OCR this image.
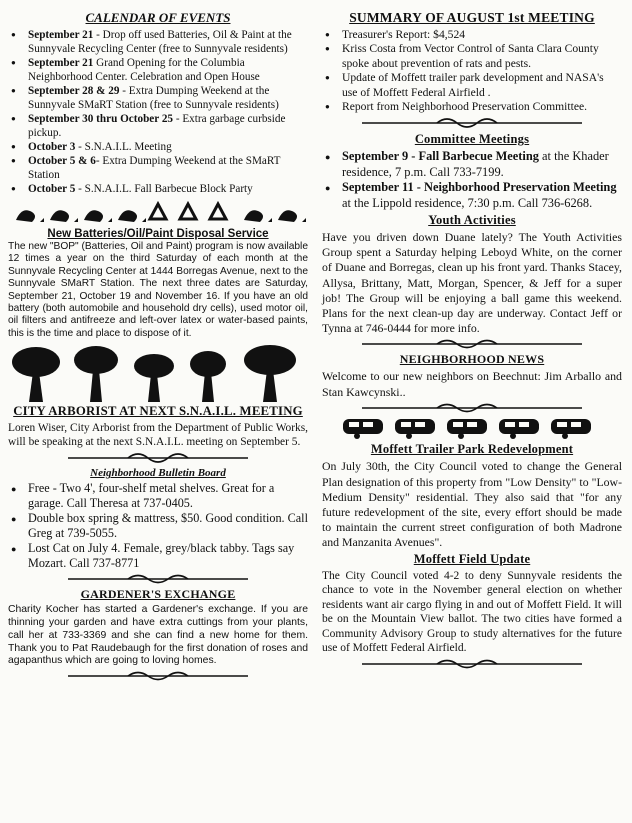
CALENDAR OF EVENTS
● September 21 - Drop off used Batteries, Oil & Paint at the Sunnyvale Recycling Center (free to Sunnyvale residents)
● September 21 Grand Opening for the Columbia Neighborhood Center. Celebration and Open House
● September 28 & 29 - Extra Dumping Weekend at the Sunnyvale SMaRT Station (free to Sunnyvale residents)
● September 30 thru October 25 - Extra garbage curbside pickup.
● October 3 - S.N.A.I.L. Meeting
● October 5 & 6- Extra Dumping Weekend at the SMaRT Station
● October 5 - S.N.A.I.L. Fall Barbecue Block Party
New Batteries/Oil/Paint Disposal Service

The new "BOP" (Batteries, Oil and Paint) program is now available 12 times a year on the third Saturday of each month at the Sunnyvale Recycling Center at 1444 Borregas Avenue, next to the Sunnyvale SMaRT Station. The next three dates are Saturday, September 21, October 19 and November 16. If you have an old battery (both automobile and household dry cells), used motor oil, oil filters and antifreeze and left-over latex or water-based paints, this is the time and place to dispose of it.

CITY ARBORIST AT NEXT S.N.A.I.L. MEETING

Loren Wiser, City Arborist from the Department of Public Works, will be speaking at the next S.N.A.I.L. meeting on September 5.

Neighborhood Bulletin Board
● Free - Two 4', four-shelf metal shelves. Great for a garage. Call Theresa at 737-0405.
● Double box spring & mattress, $50. Good condition. Call Greg at 739-5055.
● Lost Cat on July 4. Female, grey/black tabby. Tags say Mozart. Call 737-8771
GARDENER'S EXCHANGE

Charity Kocher has started a Gardener's exchange. If you are thinning your garden and have extra cuttings from your plants, call her at 733-3369 and she can find a new home for them. Thank you to Pat Raudebaugh for the first donation of roses and agapanthus which are going to loving homes.

SUMMARY OF AUGUST 1st MEETING
● Treasurer's Report: $4,524
● Kriss Costa from Vector Control of Santa Clara County spoke about prevention of rats and pests.
● Update of Moffett trailer park development and NASA's use of Moffett Federal Airfield .
● Report from Neighborhood Preservation Committee.
Committee Meetings
● September 9 - Fall Barbecue Meeting at the Khader residence, 7 p.m. Call 733-7199.
● September 11 - Neighborhood Preservation Meeting at the Lippold residence, 7:30 p.m. Call 736-6268.
Youth Activities

Have you driven down Duane lately? The Youth Activities Group spent a Saturday helping Leboyd White, on the corner of Duane and Borregas, clean up his front yard. Thanks Stacey, Allysa, Brittany, Matt, Morgan, Spencer, & Jeff for a super job! The Group will be enjoying a ball game this weekend. Plans for the next clean-up day are underway. Contact Jeff or Tynna at 746-0444 for more info.

NEIGHBORHOOD NEWS

Welcome to our new neighbors on Beechnut: Jim Arballo and Stan Kawcynski..

Moffett Trailer Park Redevelopment

On July 30th, the City Council voted to change the General Plan designation of this property from "Low Density" to "Low-Medium Density" residential. They also said that "for any future redevelopment of the site, every effort should be made to maintain the current street configuration of both Madrone and Manzanita Avenues".

Moffett Field Update

The City Council voted 4-2 to deny Sunnyvale residents the chance to vote in the November general election on whether residents want air cargo flying in and out of Moffett Field. It will be on the Mountain View ballot. The two cities have formed a Community Advisory Group to study alternatives for the future use of Moffett Federal Airfield.
